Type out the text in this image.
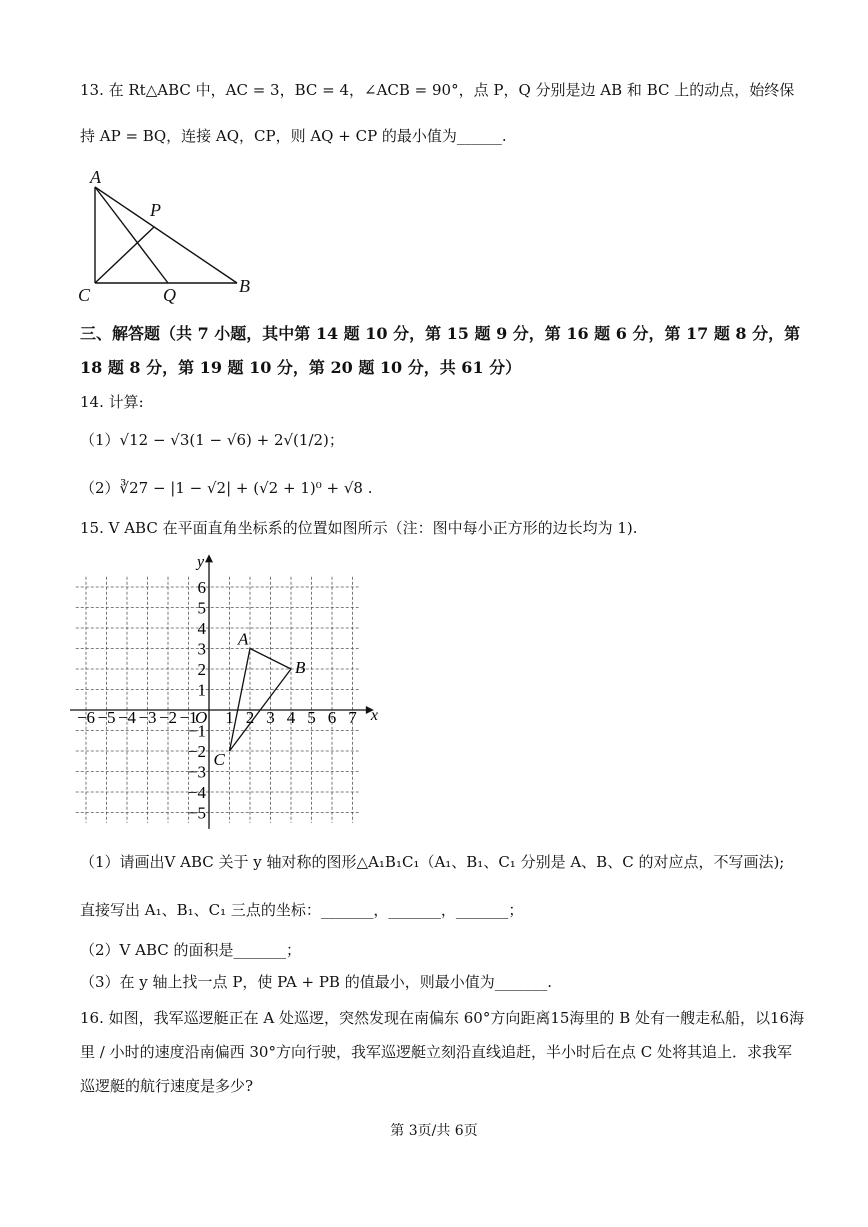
13. 在 Rt△ABC 中，AC = 3，BC = 4，∠ACB = 90°，点 P，Q 分别是边 AB 和 BC 上的动点，始终保
持 AP = BQ，连接 AQ，CP，则 AQ + CP 的最小值为______.
A
P
C	Q	B
三、解答题（共 7 小题，其中第 14 题 10 分，第 15 题 9 分，第 16 题 6 分，第 17 题 8 分，第
18 题 8 分，第 19 题 10 分，第 20 题 10 分，共 61 分）
14. 计算:
（1）√12 − √3(1 − √6) + 2√(1/2)；
（2）∛27 − |1 − √2| + (√2 + 1)⁰ + √8 .
15. V ABC 在平面直角坐标系的位置如图所示（注：图中每小正方形的边长均为 1).
x
y
O
−6 −5 −4 −3 −2 −1 1 2 3 4 5 6 7
6
5
4
3
2
1
−1
−2
−3
−4
−5
A
B
C
（1）请画出V ABC 关于 y 轴对称的图形△A₁B₁C₁（A₁、B₁、C₁ 分别是 A、B、C 的对应点，不写画法);
直接写出 A₁、B₁、C₁ 三点的坐标：_______，_______，_______；
（2）V ABC 的面积是_______；
（3）在 y 轴上找一点 P，使 PA + PB 的值最小，则最小值为_______.
16. 如图，我军巡逻艇正在 A 处巡逻，突然发现在南偏东 60°方向距离15海里的 B 处有一艘走私船，以16海
里 / 小时的速度沿南偏西 30°方向行驶，我军巡逻艇立刻沿直线追赶，半小时后在点 C 处将其追上．求我军
巡逻艇的航行速度是多少?
第 3页/共 6页
